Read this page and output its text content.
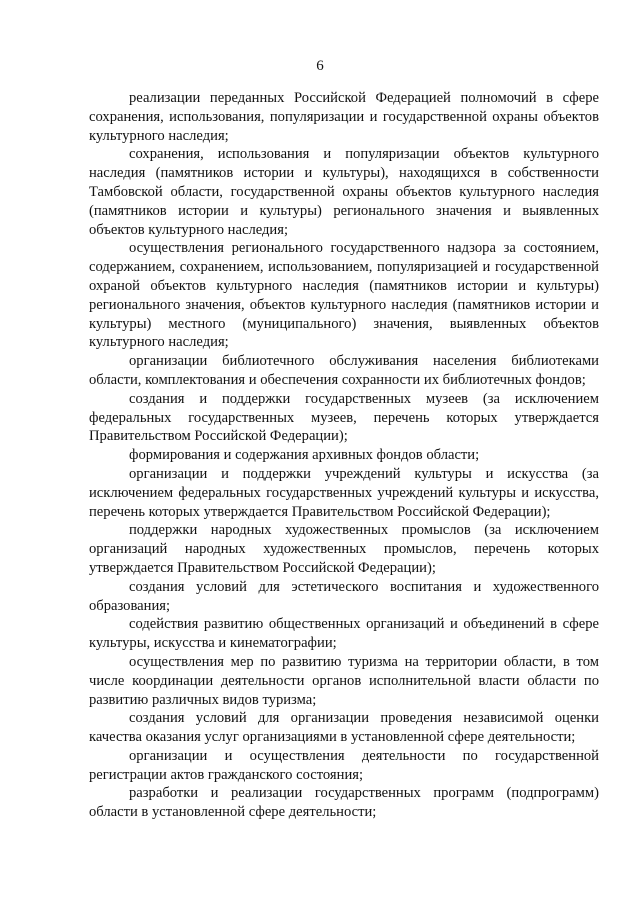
6

реализации переданных Российской Федерацией полномочий в сфере сохранения, использования, популяризации и государственной охраны объектов культурного наследия;

сохранения, использования и популяризации объектов культурного наследия (памятников истории и культуры), находящихся в собственности Тамбовской области, государственной охраны объектов культурного наследия (памятников истории и культуры) регионального значения и выявленных объектов культурного наследия;

осуществления регионального государственного надзора за состоянием, содержанием, сохранением, использованием, популяризацией и государственной охраной объектов культурного наследия (памятников истории и культуры) регионального значения, объектов культурного наследия (памятников истории и культуры) местного (муниципального) значения, выявленных объектов культурного наследия;

организации библиотечного обслуживания населения библиотеками области, комплектования и обеспечения сохранности их библиотечных фондов;

создания и поддержки государственных музеев (за исключением федеральных государственных музеев, перечень которых утверждается Правительством Российской Федерации);

формирования и содержания архивных фондов области;

организации и поддержки учреждений культуры и искусства (за исключением федеральных государственных учреждений культуры и искусства, перечень которых утверждается Правительством Российской Федерации);

поддержки народных художественных промыслов (за исключением организаций народных художественных промыслов, перечень которых утверждается Правительством Российской Федерации);

создания условий для эстетического воспитания и художественного образования;

содействия развитию общественных организаций и объединений в сфере культуры, искусства и кинематографии;

осуществления мер по развитию туризма на территории области, в том числе координации деятельности органов исполнительной власти области по развитию различных видов туризма;

создания условий для организации проведения независимой оценки качества оказания услуг организациями в установленной сфере деятельности;

организации и осуществления деятельности по государственной регистрации актов гражданского состояния;

разработки и реализации государственных программ (подпрограмм) области в установленной сфере деятельности;
